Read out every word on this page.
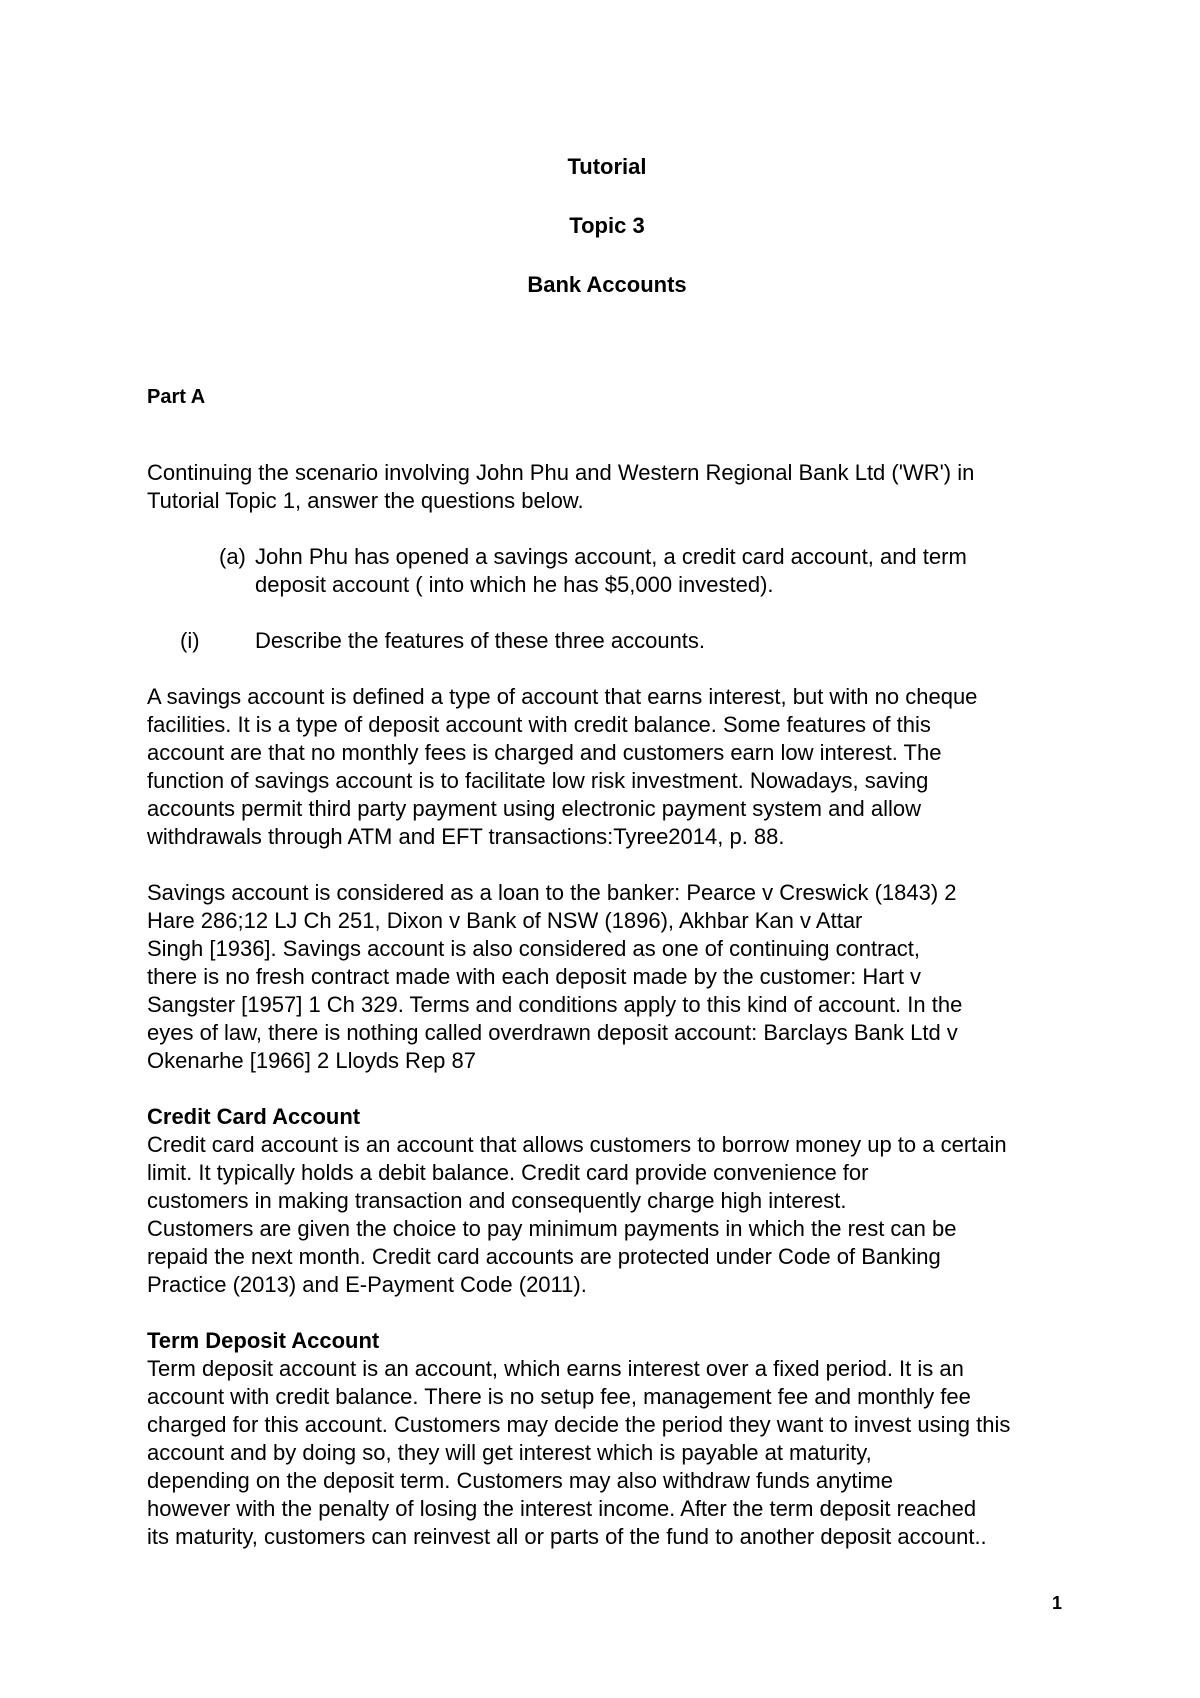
Tutorial

Topic 3

Bank Accounts

Part A

Continuing the scenario involving John Phu and Western Regional Bank Ltd ('WR') in
Tutorial Topic 1, answer the questions below.

(a) John Phu has opened a savings account, a credit card account, and term
deposit account ( into which he has $5,000 invested).
(i)	Describe the features of these three accounts.

A savings account is defined a type of account that earns interest, but with no cheque
facilities. It is a type of deposit account with credit balance. Some features of this
account are that no monthly fees is charged and customers earn low interest. The
function of savings account is to facilitate low risk investment. Nowadays, saving
accounts permit third party payment using electronic payment system and allow
withdrawals through ATM and EFT transactions:Tyree2014, p. 88.

Savings account is considered as a loan to the banker: Pearce v Creswick (1843) 2
Hare 286;12 LJ Ch 251, Dixon v Bank of NSW (1896), Akhbar Kan v Attar
Singh [1936]. Savings account is also considered as one of continuing contract,
there is no fresh contract made with each deposit made by the customer: Hart v
Sangster [1957] 1 Ch 329. Terms and conditions apply to this kind of account. In the
eyes of law, there is nothing called overdrawn deposit account: Barclays Bank Ltd v
Okenarhe [1966] 2 Lloyds Rep 87

Credit Card Account

Credit card account is an account that allows customers to borrow money up to a certain
limit. It typically holds a debit balance. Credit card provide convenience for
customers in making transaction and consequently charge high interest.
Customers are given the choice to pay minimum payments in which the rest can be
repaid the next month. Credit card accounts are protected under Code of Banking
Practice (2013) and E-Payment Code (2011).

Term Deposit Account

Term deposit account is an account, which earns interest over a fixed period. It is an
account with credit balance. There is no setup fee, management fee and monthly fee
charged for this account. Customers may decide the period they want to invest using this
account and by doing so, they will get interest which is payable at maturity,
depending on the deposit term. Customers may also withdraw funds anytime
however with the penalty of losing the interest income. After the term deposit reached
its maturity, customers can reinvest all or parts of the fund to another deposit account..

1
